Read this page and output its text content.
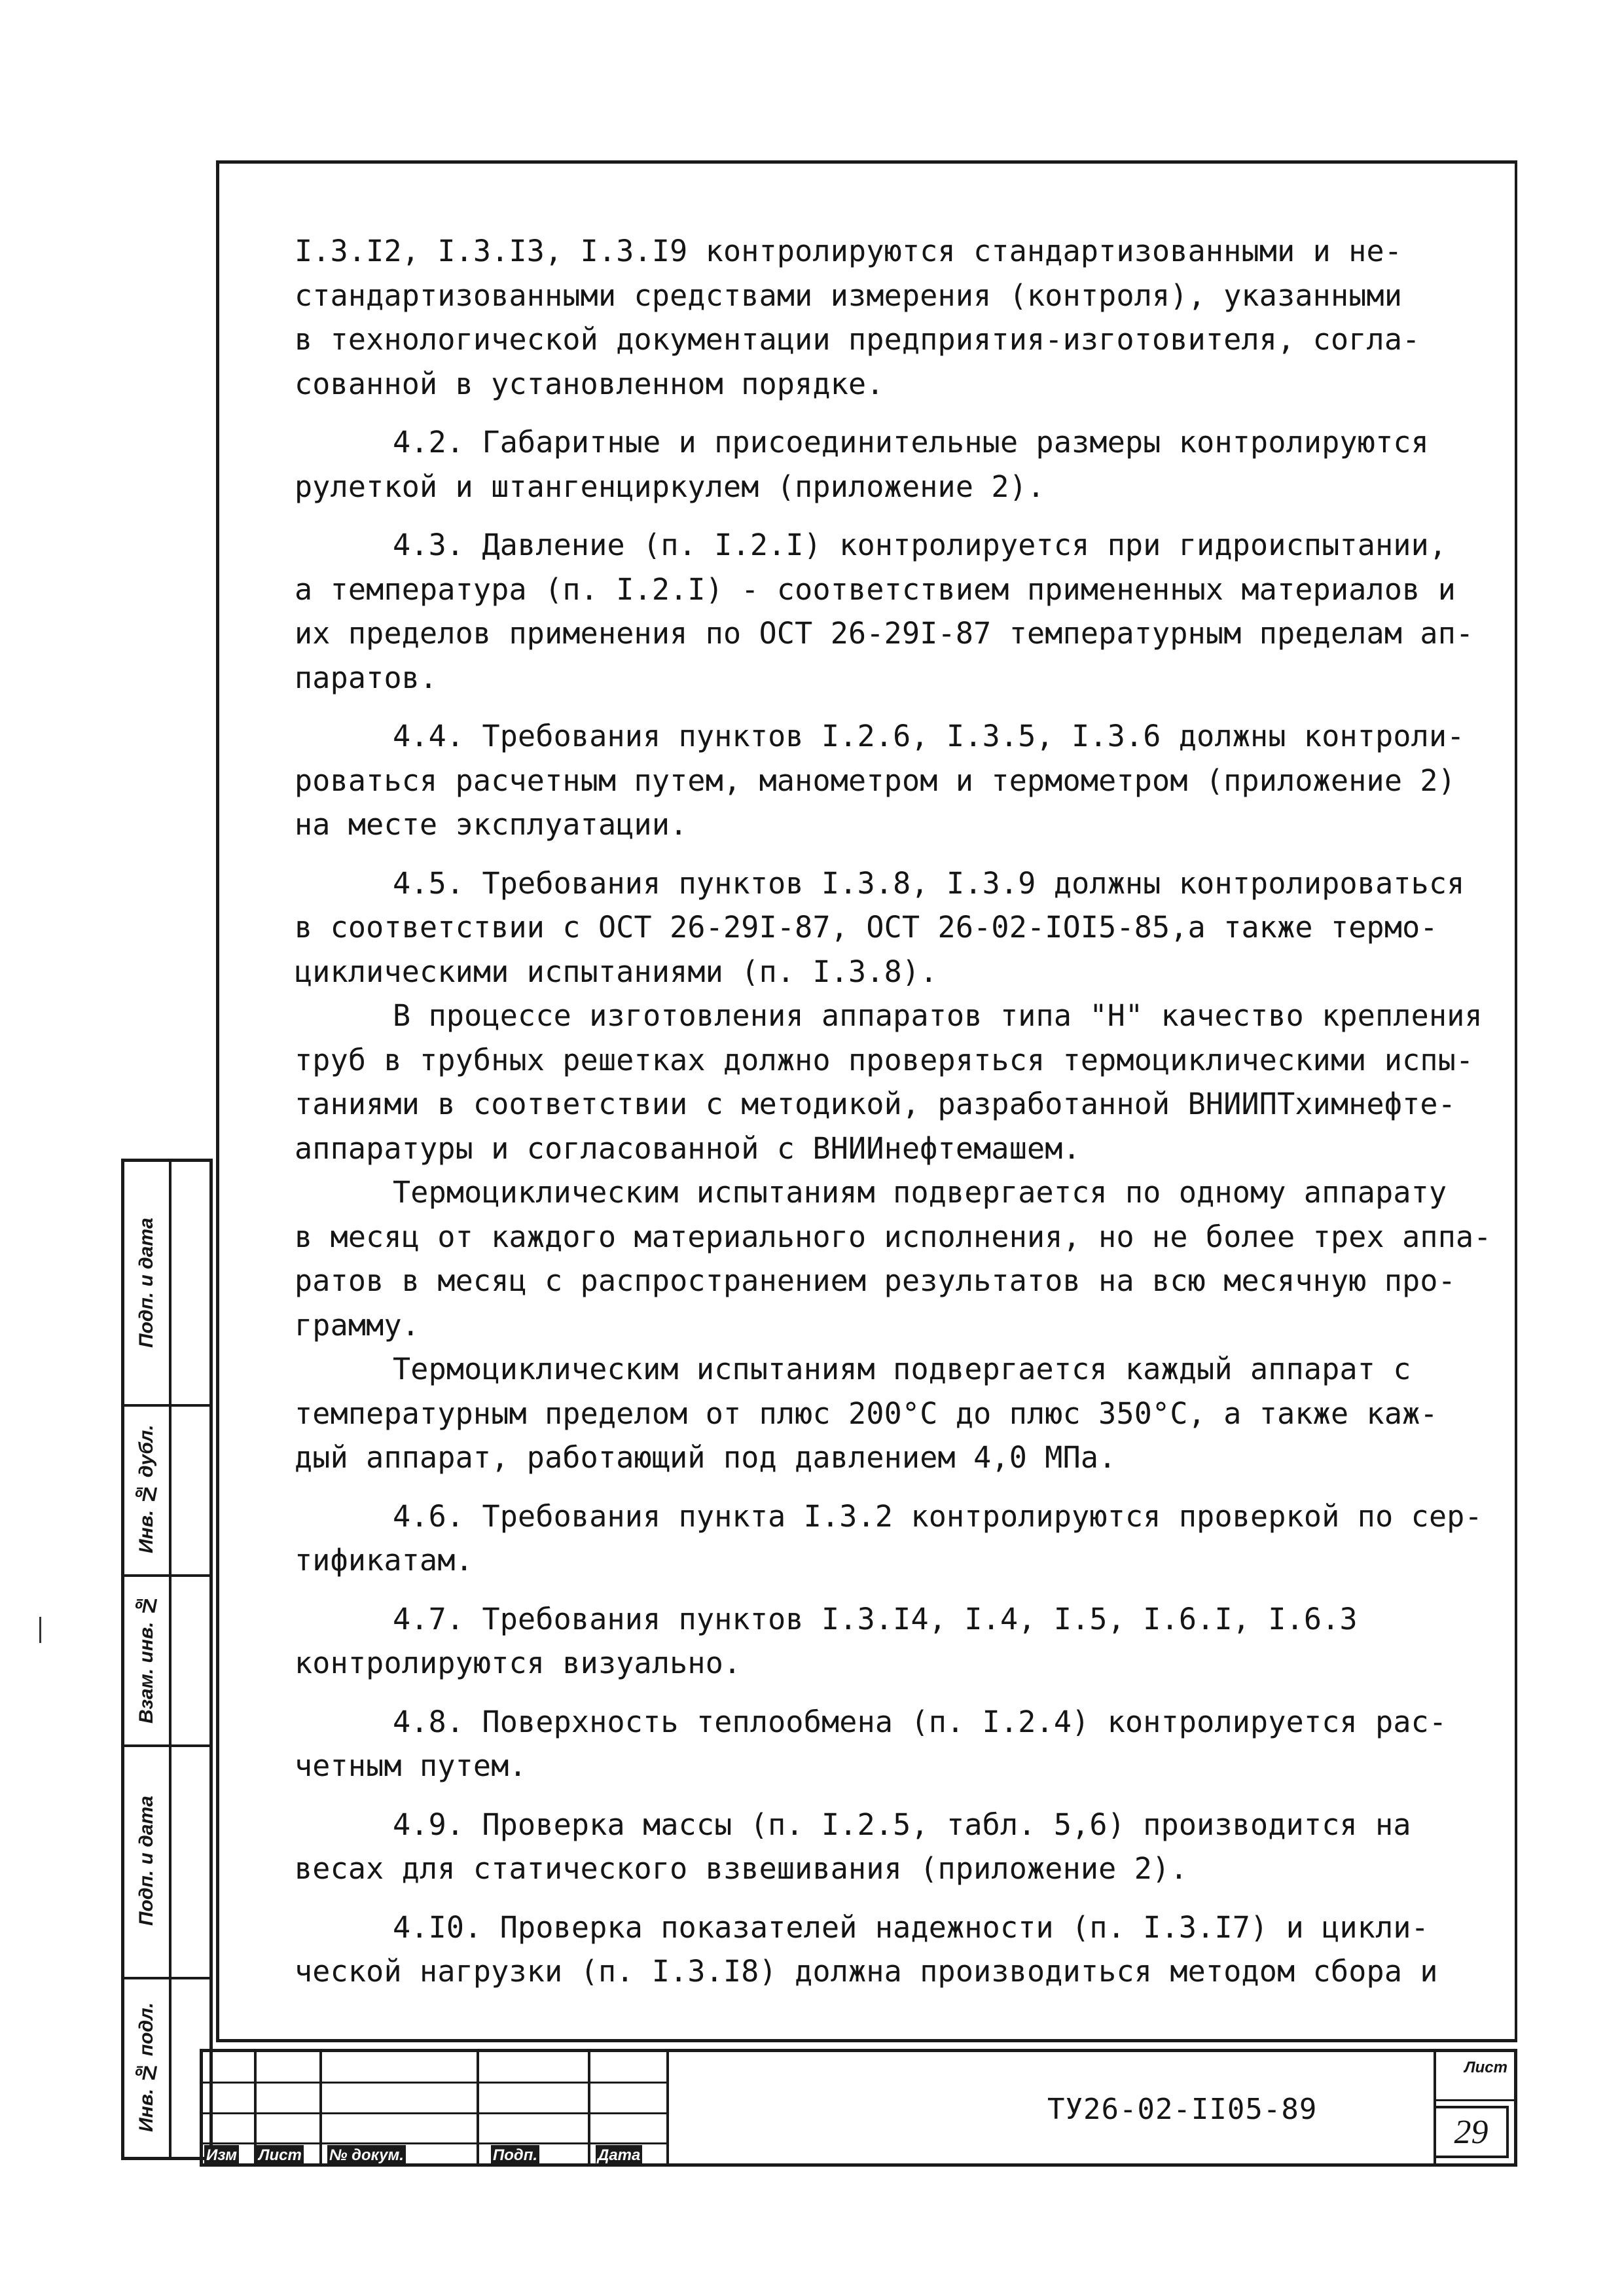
I.3.I2, I.3.I3, I.3.I9 контролируются стандартизованными и не-
стандартизованными средствами измерения (контроля), указанными
в технологической документации предприятия-изготовителя, согла-
сованной в установленном порядке.
4.2. Габаритные и присоединительные размеры контролируются
рулеткой и штангенциркулем (приложение 2).
4.3. Давление (п. I.2.I) контролируется при гидроиспытании,
а температура (п. I.2.I) - соответствием примененных материалов и
их пределов применения по ОСТ 26-29I-87 температурным пределам ап-
паратов.
4.4. Требования пунктов I.2.6, I.3.5, I.3.6 должны контроли-
роваться расчетным путем, манометром и термометром (приложение 2)
на месте эксплуатации.
4.5. Требования пунктов I.3.8, I.3.9 должны контролироваться
в соответствии с ОСТ 26-29I-87, ОСТ 26-02-IOI5-85,а также термо-
циклическими испытаниями (п. I.3.8).
В процессе изготовления аппаратов типа "Н" качество крепления
труб в трубных решетках должно проверяться термоциклическими испы-
таниями в соответствии с методикой, разработанной ВНИИПТхимнефте-
аппаратуры и согласованной с ВНИИнефтемашем.
Термоциклическим испытаниям подвергается по одному аппарату
в месяц от каждого материального исполнения, но не более трех аппа-
ратов в месяц с распространением результатов на всю месячную про-
грамму.
Термоциклическим испытаниям подвергается каждый аппарат с
температурным пределом от плюс 200°С до плюс 350°С, а также каж-
дый аппарат, работающий под давлением 4,0 МПа.
4.6. Требования пункта I.3.2 контролируются проверкой по сер-
тификатам.
4.7. Требования пунктов I.3.I4, I.4, I.5, I.6.I, I.6.3
контролируются визуально.
4.8. Поверхность теплообмена (п. I.2.4) контролируется рас-
четным путем.
4.9. Проверка массы (п. I.2.5, табл. 5,6) производится на
весах для статического взвешивания (приложение 2).
4.I0. Проверка показателей надежности (п. I.3.I7) и цикли-
ческой нагрузки (п. I.3.I8) должна производиться методом сбора и
Подп. и дата
Инв. № дубл.
Взам. инв. №
Подп. и дата
Инв. № подл.
Изм Лист № докум.	Подп.	Дата
ТУ26-02-II05-89
Лист
29
